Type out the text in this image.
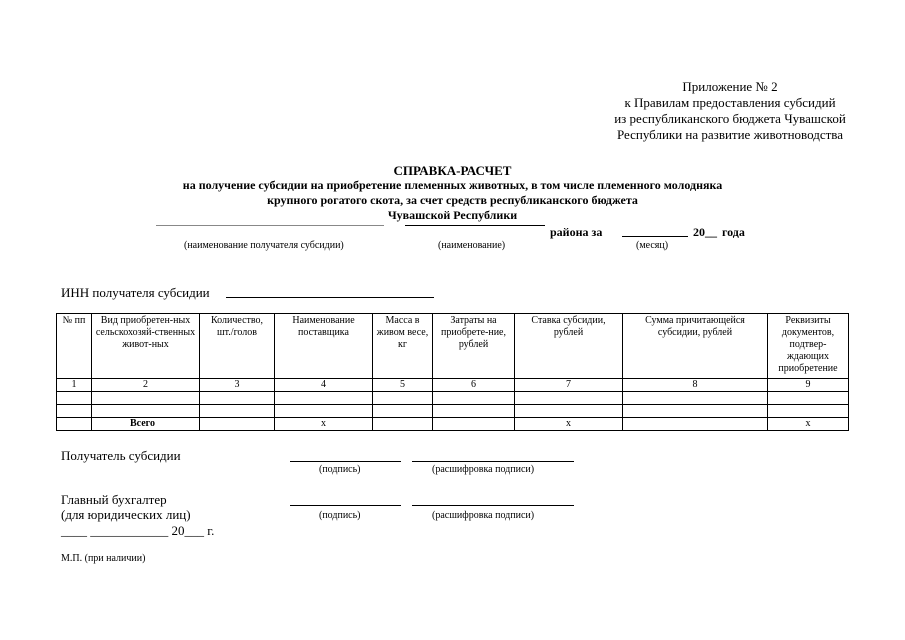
Приложение № 2
к Правилам предоставления субсидий
из республиканского бюджета Чувашской
Республики на развитие животноводства
СПРАВКА-РАСЧЕТ
на получение субсидии на приобретение племенных животных, в том числе племенного молодняка
крупного рогатого скота, за счет средств республиканского бюджета
Чувашской Республики
района за	20__ года
(наименование получателя субсидии)	(наименование)	(месяц)
ИНН получателя субсидии
№ пп	Вид приобретен-ных сельскохозяй-ственных живот-ных	Количество, шт./голов	Наименование поставщика	Масса в живом весе, кг	Затраты на приобрете-ние, рублей	Ставка субсидии, рублей	Сумма причитающейся субсидии, рублей	Реквизиты документов, подтвер-ждающих приобретение
1	2	3	4	5	6	7	8	9

	Всего		х			х		х
Получатель субсидии
(подпись)	(расшифровка подписи)
Главный бухгалтер
(для юридических лиц)	(подпись)	(расшифровка подписи)
____ ____________ 20___ г.
М.П. (при наличии)
